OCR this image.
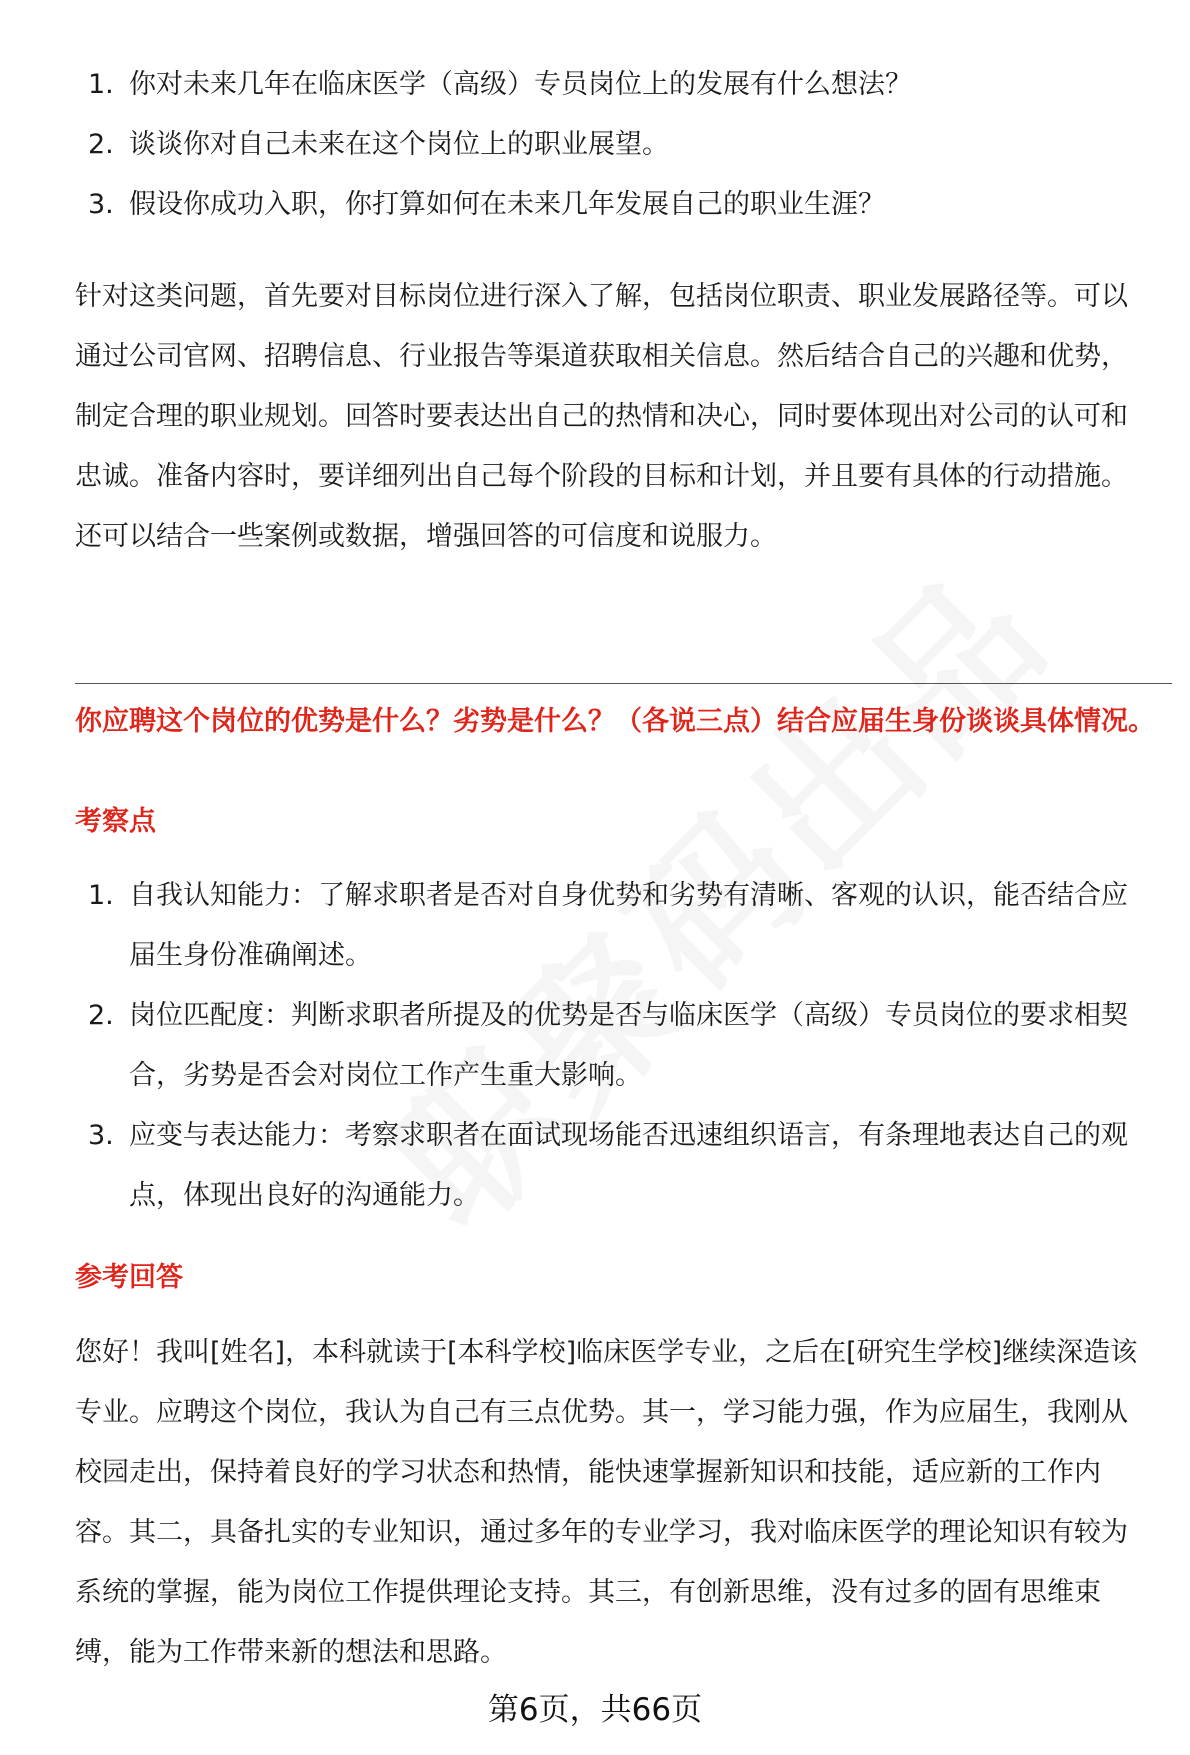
1. 你对未来几年在临床医学（高级）专员岗位上的发展有什么想法？
2. 谈谈你对自己未来在这个岗位上的职业展望。
3. 假设你成功入职，你打算如何在未来几年发展自己的职业生涯？

针对这类问题，首先要对目标岗位进行深入了解，包括岗位职责、职业发展路径等。可以通过公司官网、招聘信息、行业报告等渠道获取相关信息。然后结合自己的兴趣和优势，制定合理的职业规划。回答时要表达出自己的热情和决心，同时要体现出对公司的认可和忠诚。准备内容时，要详细列出自己每个阶段的目标和计划，并且要有具体的行动措施。还可以结合一些案例或数据，增强回答的可信度和说服力。

你应聘这个岗位的优势是什么？劣势是什么？（各说三点）结合应届生身份谈谈具体情况。
考察点
1. 自我认知能力：了解求职者是否对自身优势和劣势有清晰、客观的认识，能否结合应届生身份准确阐述。
2. 岗位匹配度：判断求职者所提及的优势是否与临床医学（高级）专员岗位的要求相契合，劣势是否会对岗位工作产生重大影响。
3. 应变与表达能力：考察求职者在面试现场能否迅速组织语言，有条理地表达自己的观点，体现出良好的沟通能力。
参考回答

您好！我叫[姓名]，本科就读于[本科学校]临床医学专业，之后在[研究生学校]继续深造该专业。应聘这个岗位，我认为自己有三点优势。其一，学习能力强，作为应届生，我刚从校园走出，保持着良好的学习状态和热情，能快速掌握新知识和技能，适应新的工作内容。其二，具备扎实的专业知识，通过多年的专业学习，我对临床医学的理论知识有较为系统的掌握，能为岗位工作提供理论支持。其三，有创新思维，没有过多的固有思维束缚，能为工作带来新的想法和思路。

第6页，共66页
